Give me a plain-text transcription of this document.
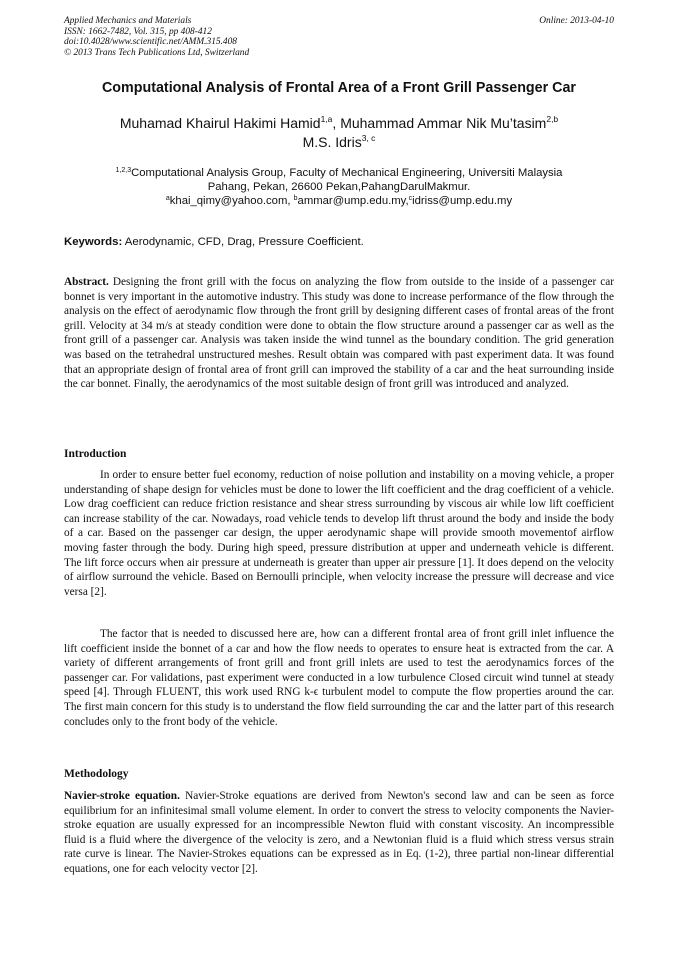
Applied Mechanics and Materials
ISSN: 1662-7482, Vol. 315, pp 408-412
doi:10.4028/www.scientific.net/AMM.315.408
© 2013 Trans Tech Publications Ltd, Switzerland
Online: 2013-04-10
Computational Analysis of Frontal Area of a Front Grill Passenger Car
Muhamad Khairul Hakimi Hamid$^{1,a}$, Muhammad Ammar Nik Mu’tasim$^{2,b}$
M.S. Idris$^{3, c}$
$^{1,2,3}$Computational Analysis Group, Faculty of Mechanical Engineering, Universiti Malaysia
Pahang, Pekan, 26600 Pekan,PahangDarulMakmur.
$^a$khai_qimy@yahoo.com, $^b$ammar@ump.edu.my,$^c$idriss@ump.edu.my
Keywords: Aerodynamic, CFD, Drag, Pressure Coefficient.
Abstract. Designing the front grill with the focus on analyzing the flow from outside to the inside of a passenger car bonnet is very important in the automotive industry. This study was done to increase performance of the flow through the analysis on the effect of aerodynamic flow through the front grill by designing different cases of frontal areas of the front grill. Velocity at 34 m/s at steady condition were done to obtain the flow structure around a passenger car as well as the front grill of a passenger car. Analysis was taken inside the wind tunnel as the boundary condition. The grid generation was based on the tetrahedral unstructured meshes. Result obtain was compared with past experiment data. It was found that an appropriate design of frontal area of front grill can improved the stability of a car and the heat surrounding inside the car bonnet. Finally, the aerodynamics of the most suitable design of front grill was introduced and analyzed.
Introduction
In order to ensure better fuel economy, reduction of noise pollution and instability on a moving vehicle, a proper understanding of shape design for vehicles must be done to lower the lift coefficient and the drag coefficient of a vehicle. Low drag coefficient can reduce friction resistance and shear stress surrounding by viscous air while low lift coefficient can increase stability of the car. Nowadays, road vehicle tends to develop lift thrust around the body and inside the body of a car. Based on the passenger car design, the upper aerodynamic shape will provide smooth movementof airflow moving faster through the body. During high speed, pressure distribution at upper and underneath vehicle is different. The lift force occurs when air pressure at underneath is greater than upper air pressure [1]. It does depend on the velocity of airflow surround the vehicle. Based on Bernoulli principle, when velocity increase the pressure will decrease and vice versa [2].
The factor that is needed to discussed here are, how can a different frontal area of front grill inlet influence the lift coefficient inside the bonnet of a car and how the flow needs to operates to ensure heat is extracted from the car. A variety of different arrangements of front grill and front grill inlets are used to test the aerodynamics forces of the passenger car. For validations, past experiment were conducted in a low turbulence Closed circuit wind tunnel at steady speed [4]. Through FLUENT, this work used RNG k-ϵ turbulent model to compute the flow properties around the car. The first main concern for this study is to understand the flow field surrounding the car and the latter part of this research concludes only to the front body of the vehicle.
Methodology
Navier-stroke equation. Navier-Stroke equations are derived from Newton's second law and can be seen as force equilibrium for an infinitesimal small volume element. In order to convert the stress to velocity components the Navier-stroke equation are usually expressed for an incompressible Newton fluid with constant viscosity. An incompressible fluid is a fluid where the divergence of the velocity is zero, and a Newtonian fluid is a fluid which stress versus strain rate curve is linear. The Navier-Strokes equations can be expressed as in Eq. (1-2), three partial non-linear differential equations, one for each velocity vector [2].
